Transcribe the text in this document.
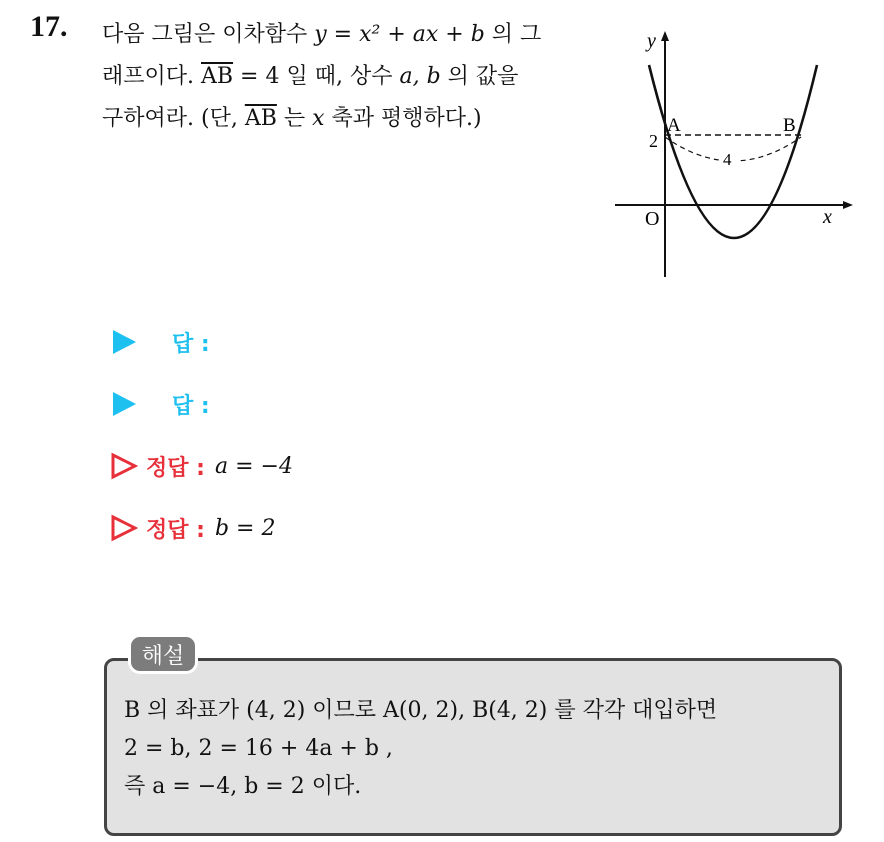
17. 다음 그림은 이차함수 y = x² + ax + b 의 그
래프이다. $\overline{AB} = 4$ 일 때, 상수 a, b 의 값을
구하여라. (단, $\overline{AB}$ 는 x 축과 평행하다.)
4
y
x
O
2
A	B
답 :
답 :
정답 : a = −4
정답 : b = 2
해설
B 의 좌표가 (4, 2) 이므로 A(0, 2), B(4, 2) 를 각각 대입하면
2 = b, 2 = 16 + 4a + b ,
즉 a = −4, b = 2 이다.
